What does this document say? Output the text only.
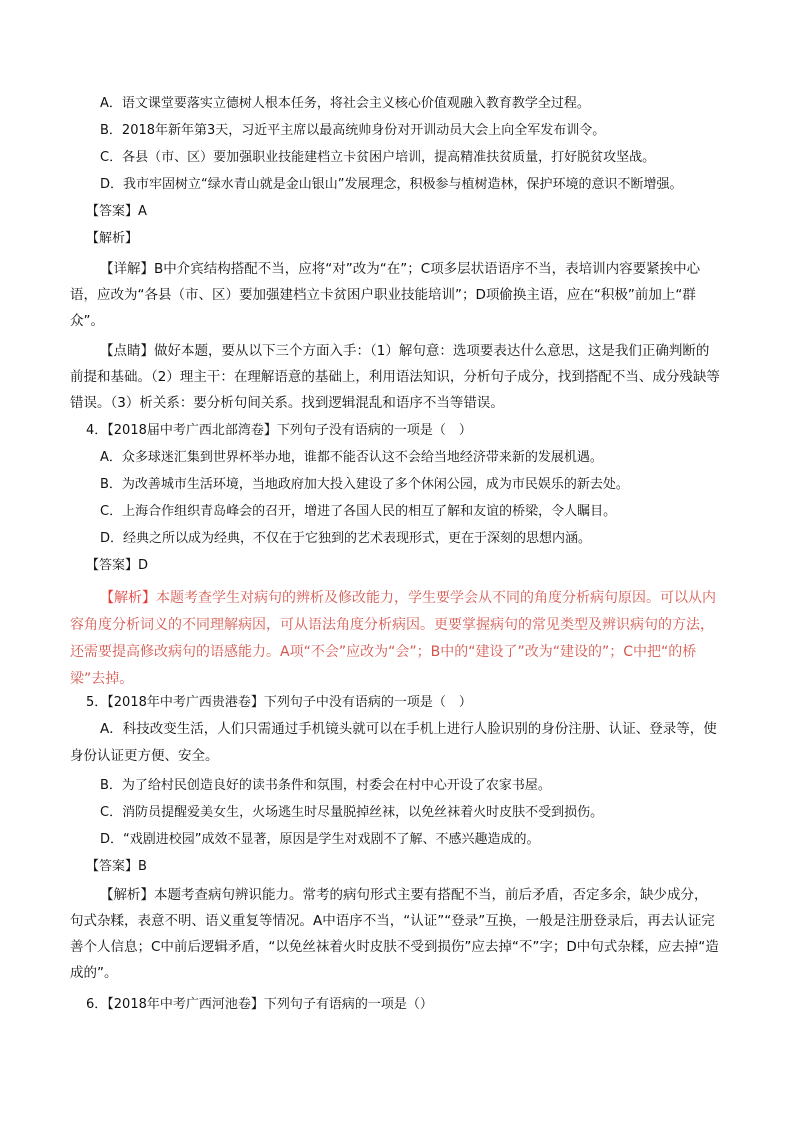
A．语文课堂要落实立德树人根本任务，将社会主义核心价值观融入教育教学全过程。
B．2018年新年第3天，习近平主席以最高统帅身份对开训动员大会上向全军发布训令。
C．各县（市、区）要加强职业技能建档立卡贫困户培训，提高精准扶贫质量，打好脱贫攻坚战。
D．我市牢固树立“绿水青山就是金山银山”发展理念，积极参与植树造林，保护环境的意识不断增强。
【答案】A
【解析】
【详解】B中介宾结构搭配不当，应将“对”改为“在”；C项多层状语语序不当，表培训内容要紧挨中心语，应改为“各县（市、区）要加强建档立卡贫困户职业技能培训”；D项偷换主语，应在“积极”前加上“群众”。
【点睛】做好本题，要从以下三个方面入手：（1）解句意：选项要表达什么意思，这是我们正确判断的前提和基础。（2）理主干：在理解语意的基础上，利用语法知识，分析句子成分，找到搭配不当、成分残缺等错误。（3）析关系：要分析句间关系。找到逻辑混乱和语序不当等错误。
4．【2018届中考广西北部湾卷】下列句子没有语病的一项是（　）
A．众多球迷汇集到世界杯举办地，谁都不能否认这不会给当地经济带来新的发展机遇。
B．为改善城市生活环境，当地政府加大投入建设了多个休闲公园，成为市民娱乐的新去处。
C．上海合作组织青岛峰会的召开，增进了各国人民的相互了解和友谊的桥梁，令人瞩目。
D．经典之所以成为经典，不仅在于它独到的艺术表现形式，更在于深刻的思想内涵。
【答案】D
【解析】本题考查学生对病句的辨析及修改能力，学生要学会从不同的角度分析病句原因。可以从内容角度分析词义的不同理解病因，可从语法角度分析病因。更要掌握病句的常见类型及辨识病句的方法，还需要提高修改病句的语感能力。A项“不会”应改为“会”；B中的“建设了”改为“建设的”；C中把“的桥梁”去掉。
5．【2018年中考广西贵港卷】下列句子中没有语病的一项是（　）
A．科技改变生活，人们只需通过手机镜头就可以在手机上进行人脸识别的身份注册、认证、登录等，使身份认证更方便、安全。
B．为了给村民创造良好的读书条件和氛围，村委会在村中心开设了农家书屋。
C．消防员提醒爱美女生，火场逃生时尽量脱掉丝袜，以免丝袜着火时皮肤不受到损伤。
D．“戏剧进校园”成效不显著，原因是学生对戏剧不了解、不感兴趣造成的。
【答案】B
【解析】本题考查病句辨识能力。常考的病句形式主要有搭配不当，前后矛盾，否定多余，缺少成分，句式杂糅，表意不明、语义重复等情况。A中语序不当，“认证”“登录”互换，一般是注册登录后，再去认证完善个人信息；C中前后逻辑矛盾，“以免丝袜着火时皮肤不受到损伤”应去掉“不”字；D中句式杂糅，应去掉“造成的”。
6．【2018年中考广西河池卷】下列句子有语病的一项是（）
